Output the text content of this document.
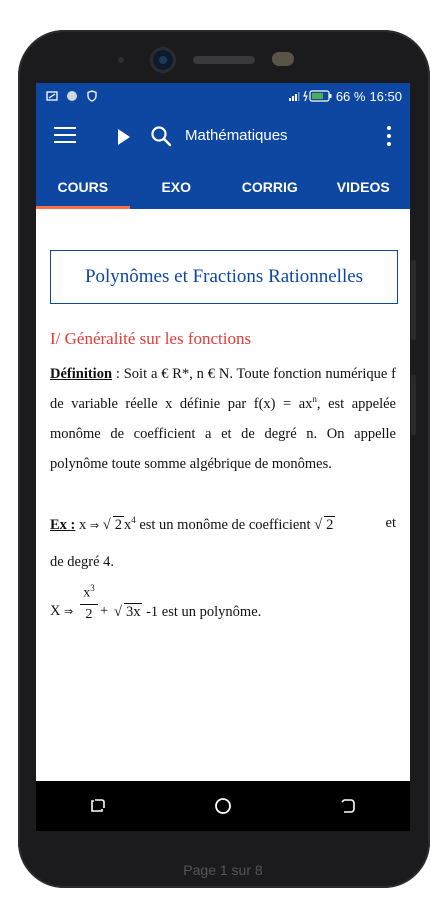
66 % 16:50
Mathématiques
COURS	EXO	CORRIG	VIDEOS
Polynômes et Fractions Rationnelles
I/ Généralité sur les fonctions
Définition : Soit a € R*, n € N. Toute fonction numérique f de variable réelle x définie par $f(x) = ax^n$, est appelée monôme de coefficient a et de degré n. On appelle polynôme toute somme algébrique de monômes.
Ex : x ⇒ √ 2 $x^4$ est un monôme de coefficient √ 2	et
de degré 4.
X ⇒
$x^3$
2 + √ 3x -1 est un polynôme.
Page 1 sur 8
